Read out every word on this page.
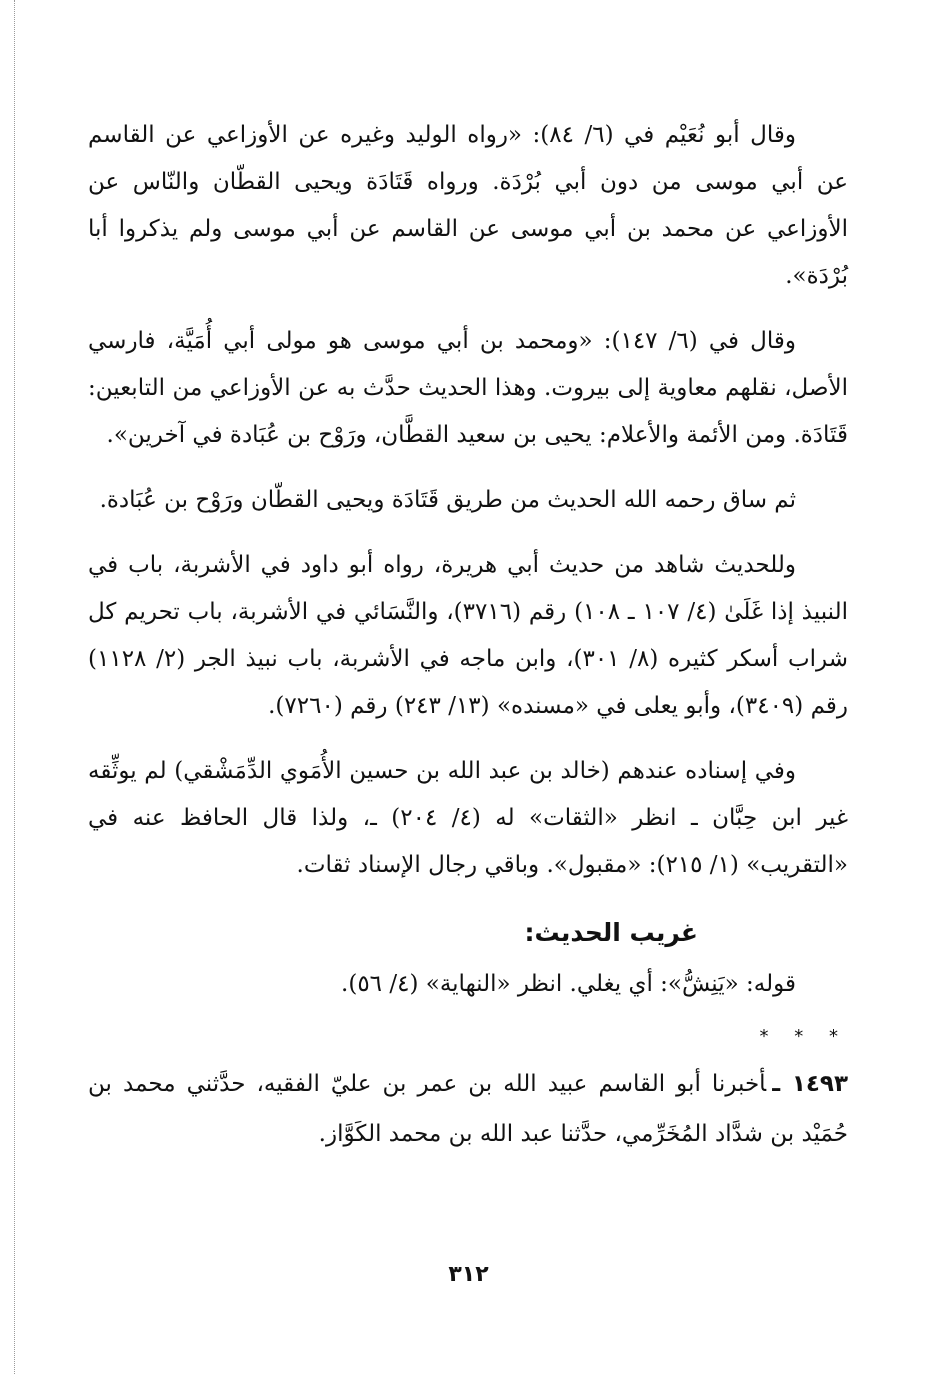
وقال أبو نُعَيْم في (٦/ ٨٤): «رواه الوليد وغيره عن الأوزاعي عن القاسم عن أبي موسى من دون أبي بُرْدَة. ورواه قَتَادَة ويحيى القطّان والنّاس عن الأوزاعي عن محمد بن أبي موسى عن القاسم عن أبي موسى ولم يذكروا أبا بُرْدَة».

وقال في (٦/ ١٤٧): «ومحمد بن أبي موسى هو مولى أبي أُمَيَّة، فارسي الأصل، نقلهم معاوية إلى بيروت. وهذا الحديث حدَّث به عن الأوزاعي من التابعين: قَتَادَة. ومن الأئمة والأعلام: يحيى بن سعيد القطَّان، ورَوْح بن عُبَادة في آخرين».

ثم ساق رحمه الله الحديث من طريق قَتَادَة ويحيى القطّان ورَوْح بن عُبَادة.

وللحديث شاهد من حديث أبي هريرة، رواه أبو داود في الأشربة، باب في النبيذ إذا غَلَىٰ (٤/ ١٠٧ ـ ١٠٨) رقم (٣٧١٦)، والنَّسَائي في الأشربة، باب تحريم كل شراب أسكر كثيره (٨/ ٣٠١)، وابن ماجه في الأشربة، باب نبيذ الجر (٢/ ١١٢٨) رقم (٣٤٠٩)، وأبو يعلى في «مسنده» (١٣/ ٢٤٣) رقم (٧٢٦٠).

وفي إسناده عندهم (خالد بن عبد الله بن حسين الأُمَوي الدِّمَشْقي) لم يوثِّقه غير ابن حِبَّان ـ انظر «الثقات» له (٤/ ٢٠٤) ـ، ولذا قال الحافظ عنه في «التقريب» (١/ ٢١٥): «مقبول». وباقي رجال الإسناد ثقات.

غريب الحديث:

قوله: «يَنِشُّ»: أي يغلي. انظر «النهاية» (٤/ ٥٦).

* * *

١٤٩٣ ـأخبرنا أبو القاسم عبيد الله بن عمر بن عليّ الفقيه، حدَّثني محمد بن حُمَيْد بن شدَّاد المُخَرِّمي، حدَّثنا عبد الله بن محمد الكَوَّاز.

٣١٢
